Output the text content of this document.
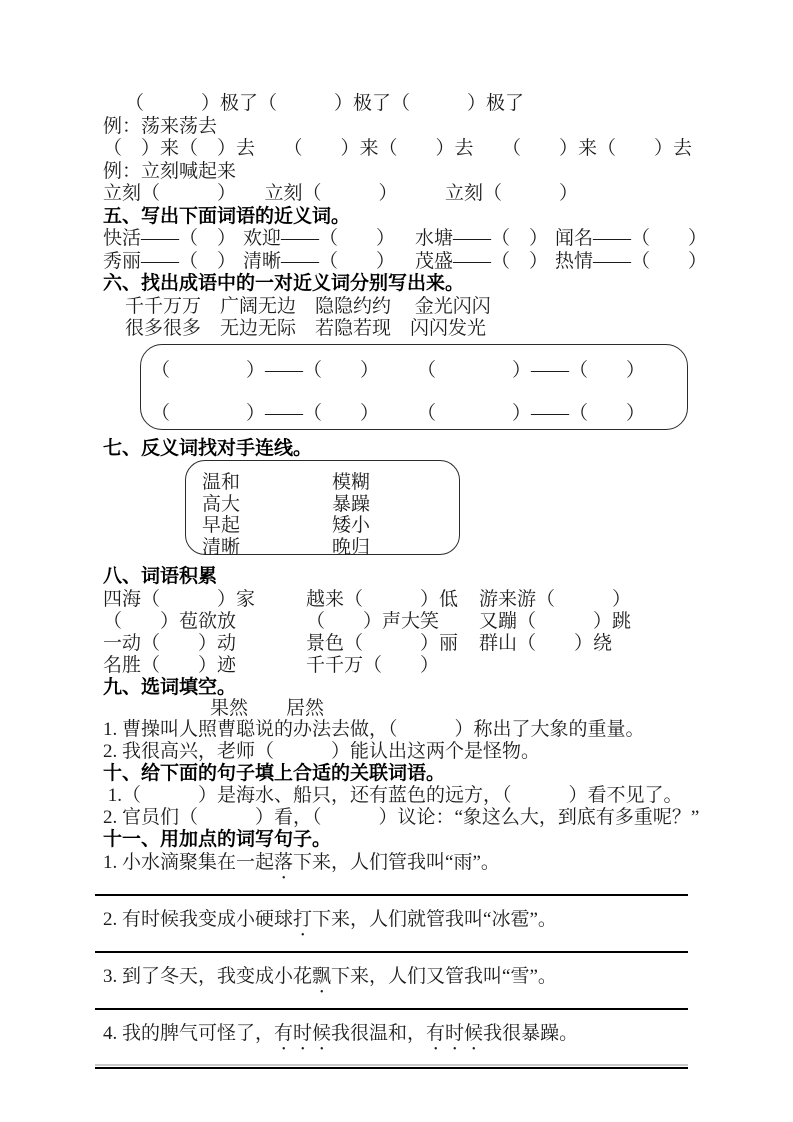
（　　　）极了（　　　）极了（　　　）极了
例：荡来荡去
（　）来（　）去　　（　　）来（　　）去　　（　　）来（　　）去
例：立刻喊起来
立刻（　　　）　　立刻（　　　）　　　立刻（　　　）
五、写出下面词语的近义词。
快活——（　） 欢迎——（　　）	水塘——（　） 闻名——（　　）
秀丽——（　） 清晰——（　　）	茂盛——（　） 热情——（　　）
六、找出成语中的一对近义词分别写出来。
千千万万　广阔无边　隐隐约约　 金光闪闪
很多很多　无边无际　若隐若现　闪闪发光
（　　　　）——（　　）　　　（　　　　）——（　　）
（　　　　）——（　　）　　　（　　　　）——（　　）
七、反义词找对手连线。
温和	模糊
高大	暴躁
早起	矮小
清晰	晚归
八、词语积累
四海（　　　）家	越来（　　　）低	游来游（　　　）
（　　）苞欲放	（　　）声大笑	又蹦（　　　）跳
一动（　　）动	景色（　　　）丽	群山（　　）绕
名胜（　　）迹	千千万（　　）
九、选词填空。
果然　　居然
1. 曹操叫人照曹聪说的办法去做，（　　　）称出了大象的重量。
2. 我很高兴，老师（　　　）能认出这两个是怪物。
十、给下面的句子填上合适的关联词语。
1.（　　　）是海水、船只，还有蓝色的远方，（　　　）看不见了。
2. 官员们（　　　）看，（　　　）议论：“象这么大，到底有多重呢？”
十一、用加点的词写句子。
1. 小水滴聚集在一起落下来，人们管我叫“雨”。
2. 有时候我变成小硬球打下来，人们就管我叫“冰雹”。
3. 到了冬天，我变成小花飘下来，人们又管我叫“雪”。
4. 我的脾气可怪了，有时候我很温和，有时候我很暴躁。
